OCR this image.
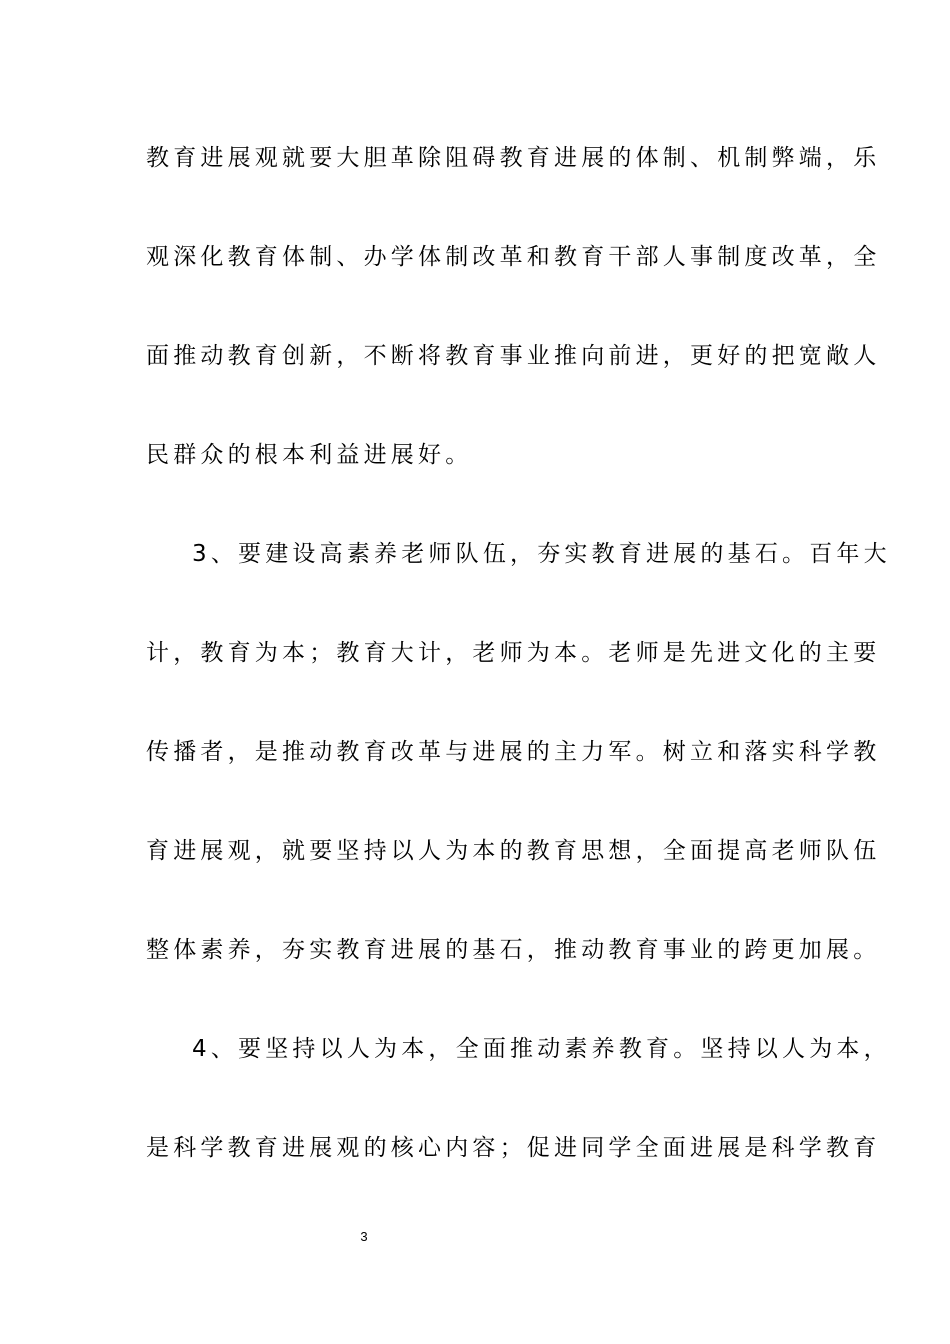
教育进展观就要大胆革除阻碍教育进展的体制、机制弊端，乐
观深化教育体制、办学体制改革和教育干部人事制度改革，全
面推动教育创新，不断将教育事业推向前进，更好的把宽敞人
民群众的根本利益进展好。
3、要建设高素养老师队伍，夯实教育进展的基石。百年大
计，教育为本；教育大计，老师为本。老师是先进文化的主要
传播者，是推动教育改革与进展的主力军。树立和落实科学教
育进展观，就要坚持以人为本的教育思想，全面提高老师队伍
整体素养，夯实教育进展的基石，推动教育事业的跨更加展。
4、要坚持以人为本，全面推动素养教育。坚持以人为本，
是科学教育进展观的核心内容；促进同学全面进展是科学教育
3
